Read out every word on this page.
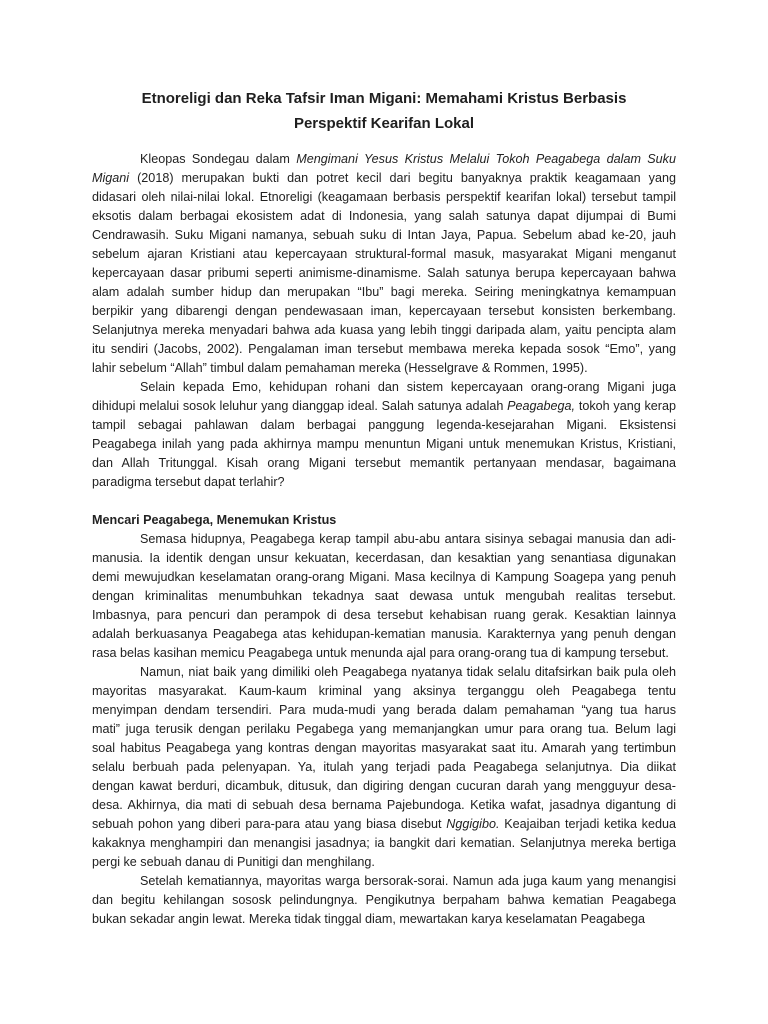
Etnoreligi dan Reka Tafsir Iman Migani: Memahami Kristus Berbasis
Perspektif Kearifan Lokal
Kleopas Sondegau dalam Mengimani Yesus Kristus Melalui Tokoh Peagabega dalam Suku
Migani (2018) merupakan bukti dan potret kecil dari begitu banyaknya praktik keagamaan yang
didasari oleh nilai-nilai lokal. Etnoreligi (keagamaan berbasis perspektif kearifan lokal) tersebut tampil
eksotis dalam berbagai ekosistem adat di Indonesia, yang salah satunya dapat dijumpai di Bumi
Cendrawasih. Suku Migani namanya, sebuah suku di Intan Jaya, Papua. Sebelum abad ke-20, jauh
sebelum ajaran Kristiani atau kepercayaan struktural-formal masuk, masyarakat Migani menganut
kepercayaan dasar pribumi seperti animisme-dinamisme. Salah satunya berupa kepercayaan bahwa
alam adalah sumber hidup dan merupakan “Ibu” bagi mereka. Seiring meningkatnya kemampuan
berpikir yang dibarengi dengan pendewasaan iman, kepercayaan tersebut konsisten berkembang.
Selanjutnya mereka menyadari bahwa ada kuasa yang lebih tinggi daripada alam, yaitu pencipta alam
itu sendiri (Jacobs, 2002). Pengalaman iman tersebut membawa mereka kepada sosok “Emo”, yang
lahir sebelum “Allah” timbul dalam pemahaman mereka (Hesselgrave & Rommen, 1995).
Selain kepada Emo, kehidupan rohani dan sistem kepercayaan orang-orang Migani juga
dihidupi melalui sosok leluhur yang dianggap ideal. Salah satunya adalah Peagabega, tokoh yang kerap
tampil sebagai pahlawan dalam berbagai panggung legenda-kesejarahan Migani. Eksistensi
Peagabega inilah yang pada akhirnya mampu menuntun Migani untuk menemukan Kristus, Kristiani,
dan Allah Tritunggal. Kisah orang Migani tersebut memantik pertanyaan mendasar, bagaimana
paradigma tersebut dapat terlahir?
Mencari Peagabega, Menemukan Kristus
Semasa hidupnya, Peagabega kerap tampil abu-abu antara sisinya sebagai manusia dan adi-
manusia. Ia identik dengan unsur kekuatan, kecerdasan, dan kesaktian yang senantiasa digunakan
demi mewujudkan keselamatan orang-orang Migani. Masa kecilnya di Kampung Soagepa yang penuh
dengan kriminalitas menumbuhkan tekadnya saat dewasa untuk mengubah realitas tersebut.
Imbasnya, para pencuri dan perampok di desa tersebut kehabisan ruang gerak. Kesaktian lainnya
adalah berkuasanya Peagabega atas kehidupan-kematian manusia. Karakternya yang penuh dengan
rasa belas kasihan memicu Peagabega untuk menunda ajal para orang-orang tua di kampung tersebut.
Namun, niat baik yang dimiliki oleh Peagabega nyatanya tidak selalu ditafsirkan baik pula oleh
mayoritas masyarakat. Kaum-kaum kriminal yang aksinya terganggu oleh Peagabega tentu
menyimpan dendam tersendiri. Para muda-mudi yang berada dalam pemahaman “yang tua harus
mati” juga terusik dengan perilaku Pegabega yang memanjangkan umur para orang tua. Belum lagi
soal habitus Peagabega yang kontras dengan mayoritas masyarakat saat itu. Amarah yang tertimbun
selalu berbuah pada pelenyapan. Ya, itulah yang terjadi pada Peagabega selanjutnya. Dia diikat
dengan kawat berduri, dicambuk, ditusuk, dan digiring dengan cucuran darah yang mengguyur desa-
desa. Akhirnya, dia mati di sebuah desa bernama Pajebundoga. Ketika wafat, jasadnya digantung di
sebuah pohon yang diberi para-para atau yang biasa disebut Nggigibo. Keajaiban terjadi ketika kedua
kakaknya menghampiri dan menangisi jasadnya; ia bangkit dari kematian. Selanjutnya mereka bertiga
pergi ke sebuah danau di Punitigi dan menghilang.
Setelah kematiannya, mayoritas warga bersorak-sorai. Namun ada juga kaum yang menangisi
dan begitu kehilangan sososk pelindungnya. Pengikutnya berpaham bahwa kematian Peagabega
bukan sekadar angin lewat. Mereka tidak tinggal diam, mewartakan karya keselamatan Peagabega
